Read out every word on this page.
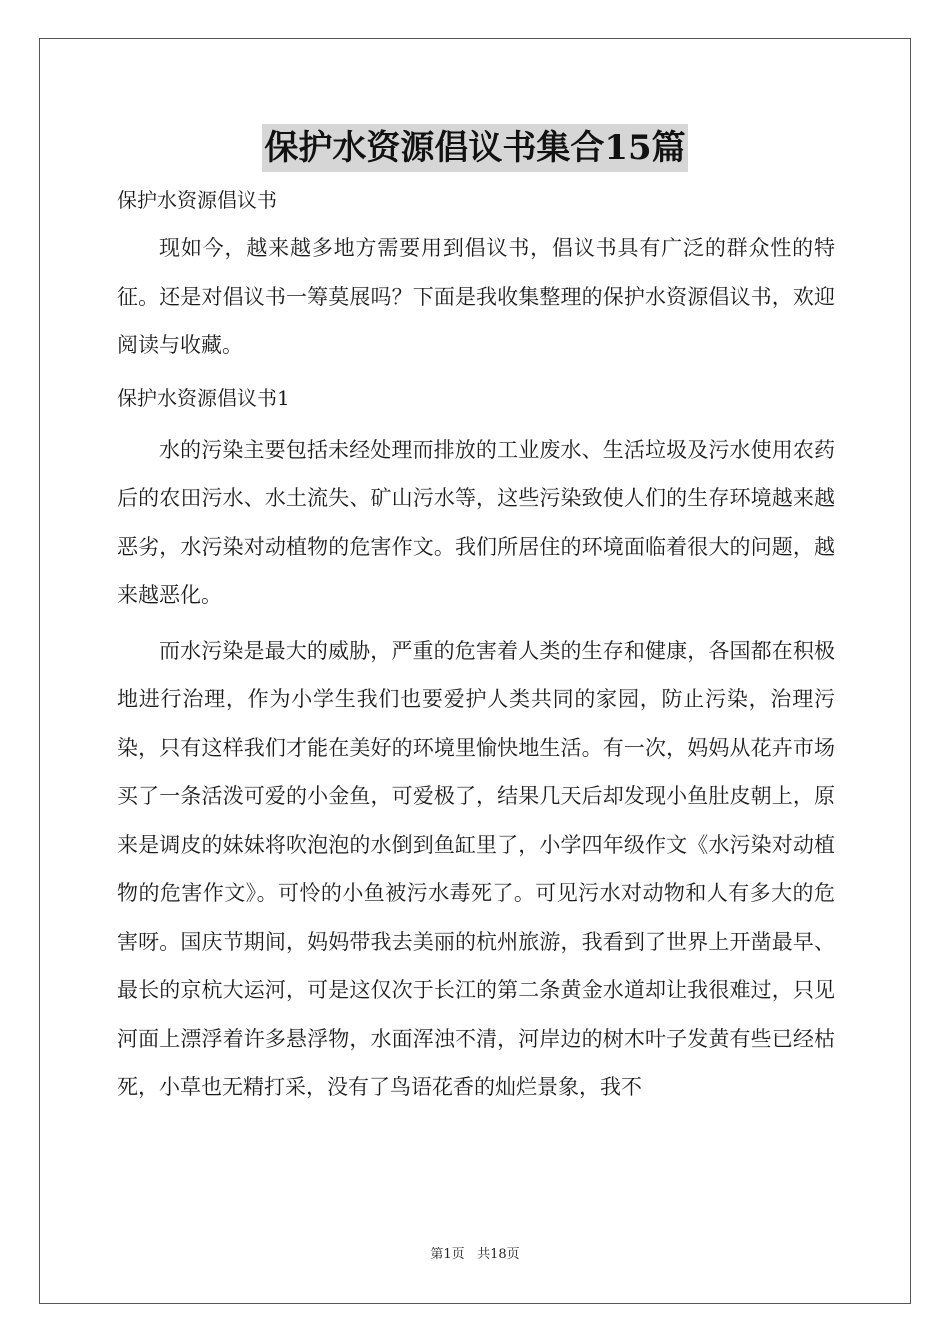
保护水资源倡议书集合15篇

保护水资源倡议书

现如今，越来越多地方需要用到倡议书，倡议书具有广泛的群众性的特征。还是对倡议书一筹莫展吗？下面是我收集整理的保护水资源倡议书，欢迎阅读与收藏。

保护水资源倡议书1

水的污染主要包括未经处理而排放的工业废水、生活垃圾及污水使用农药后的农田污水、水土流失、矿山污水等，这些污染致使人们的生存环境越来越恶劣，水污染对动植物的危害作文。我们所居住的环境面临着很大的问题，越来越恶化。

而水污染是最大的威胁，严重的危害着人类的生存和健康，各国都在积极地进行治理，作为小学生我们也要爱护人类共同的家园，防止污染，治理污染，只有这样我们才能在美好的环境里愉快地生活。有一次，妈妈从花卉市场买了一条活泼可爱的小金鱼，可爱极了，结果几天后却发现小鱼肚皮朝上，原来是调皮的妹妹将吹泡泡的水倒到鱼缸里了，小学四年级作文《水污染对动植物的危害作文》。可怜的小鱼被污水毒死了。可见污水对动物和人有多大的危害呀。国庆节期间，妈妈带我去美丽的杭州旅游，我看到了世界上开凿最早、最长的京杭大运河，可是这仅次于长江的第二条黄金水道却让我很难过，只见河面上漂浮着许多悬浮物，水面浑浊不清，河岸边的树木叶子发黄有些已经枯死，小草也无精打采，没有了鸟语花香的灿烂景象，我不

第1页 共18页
